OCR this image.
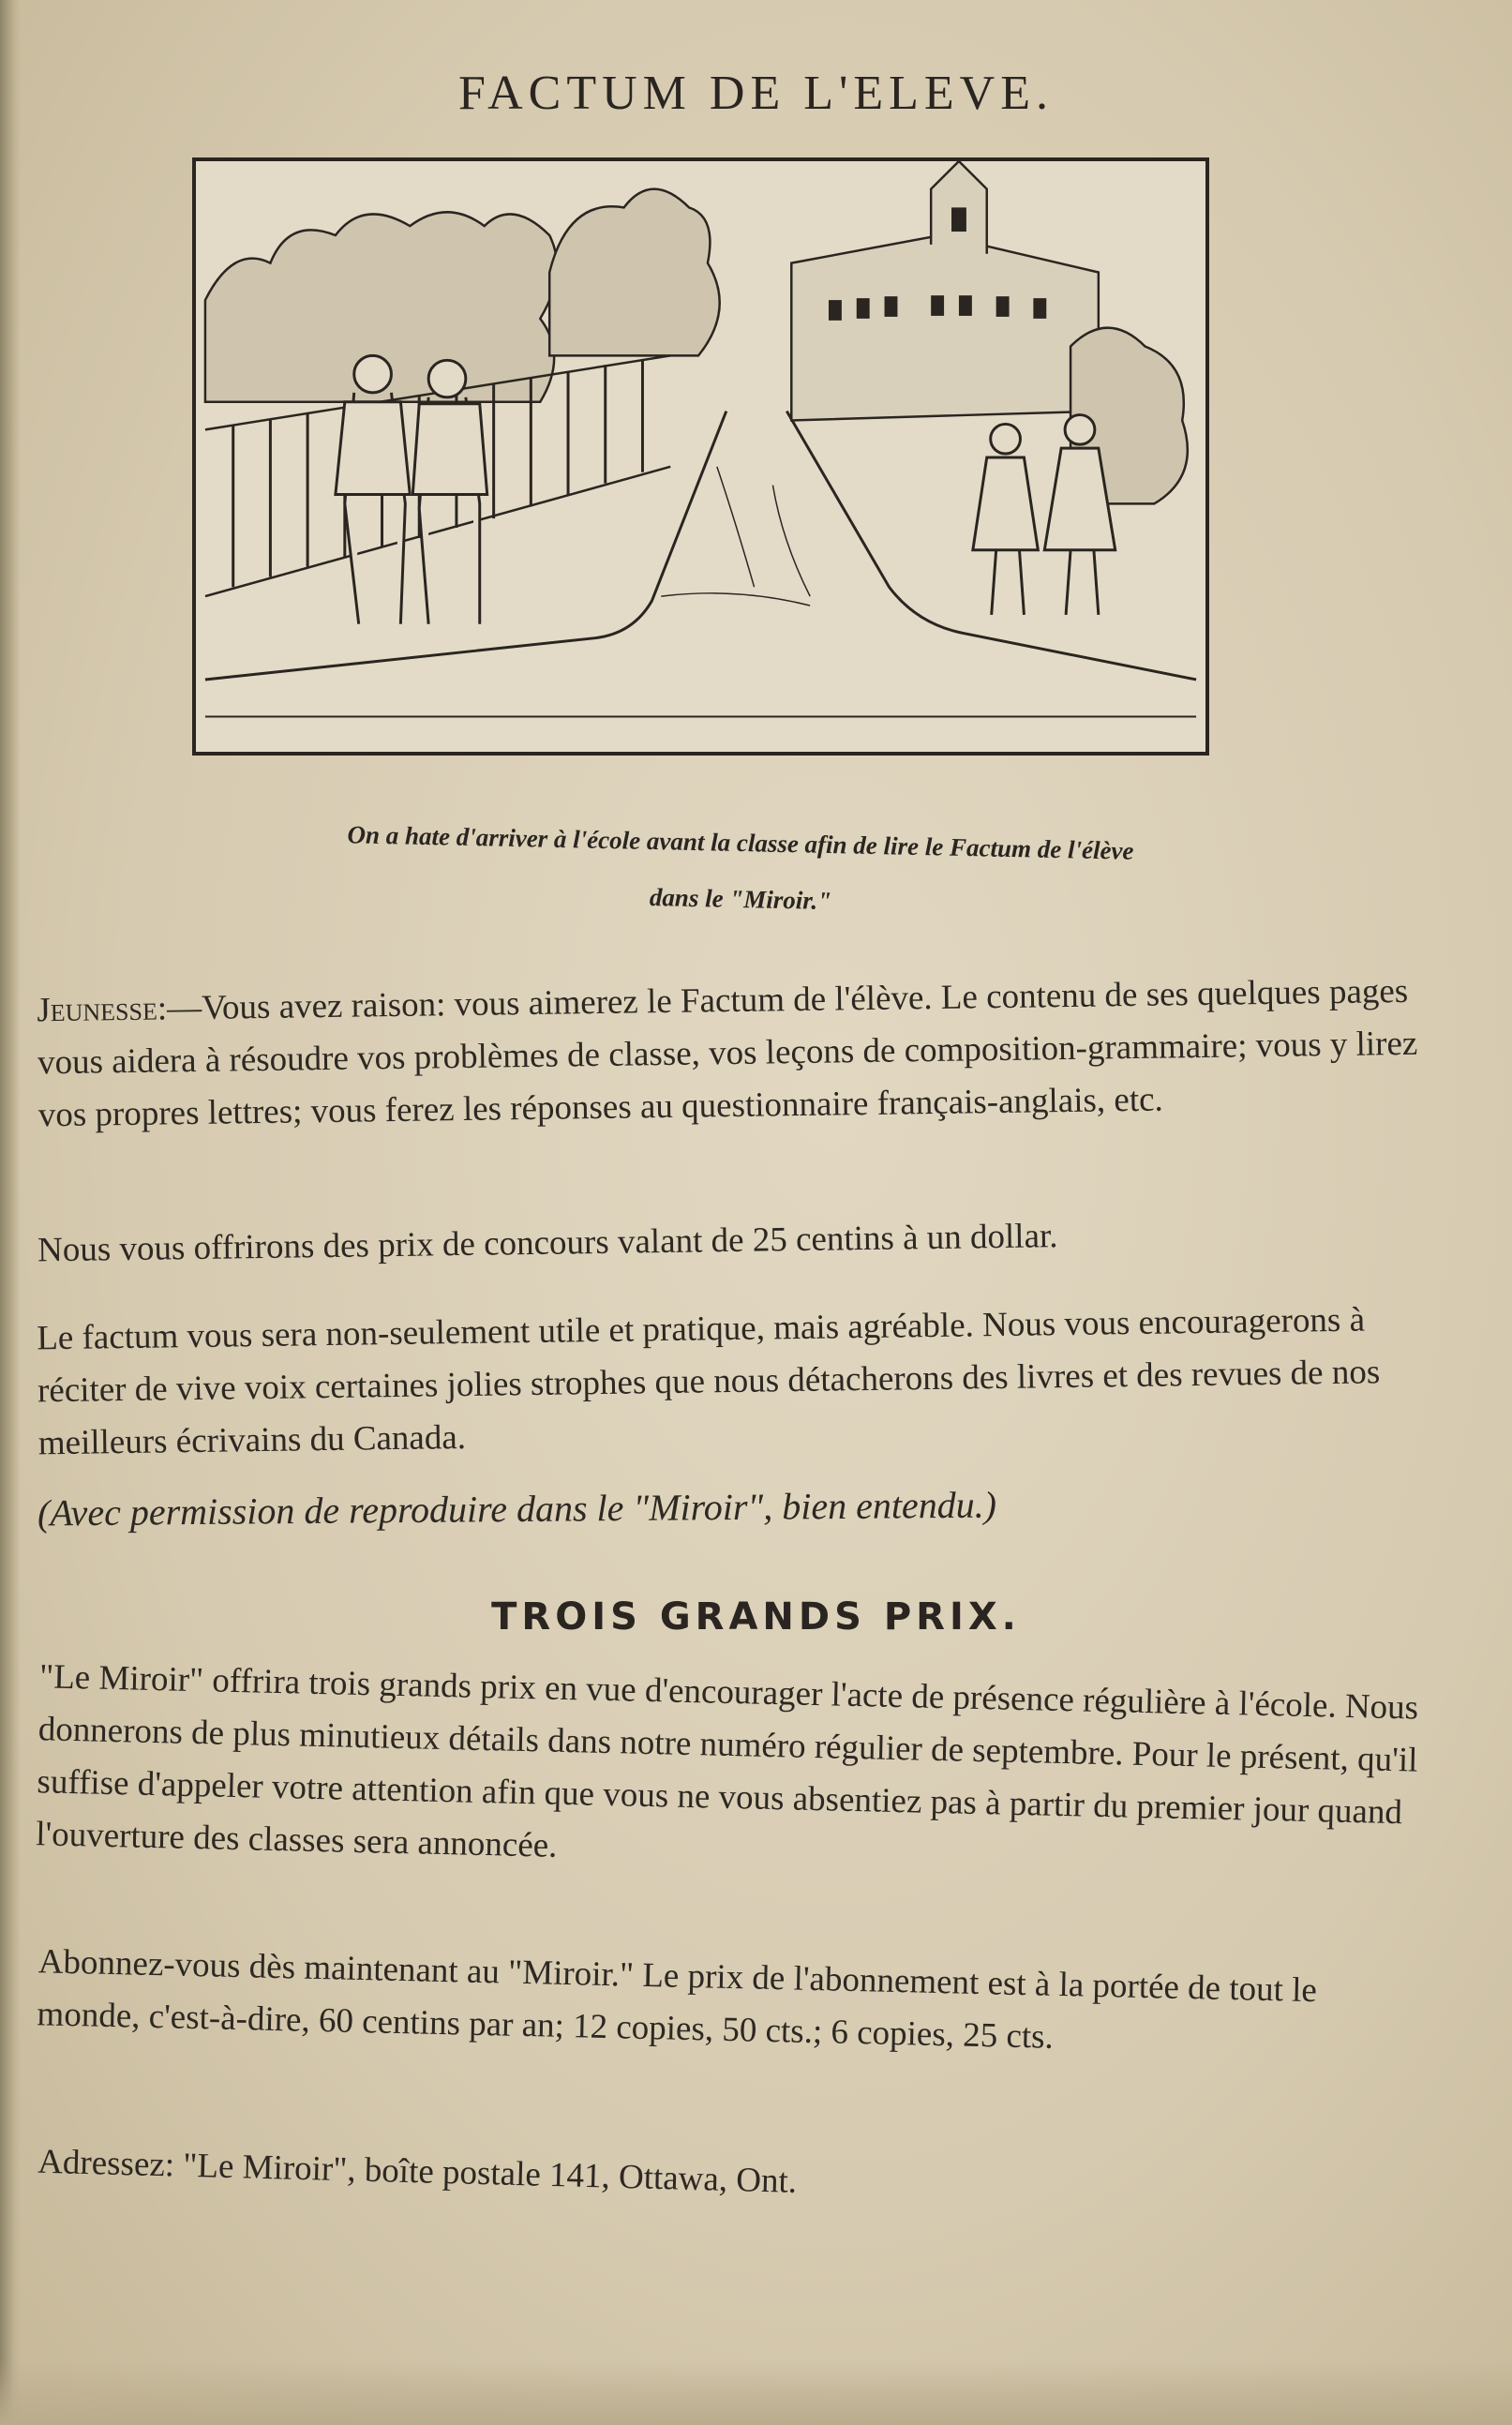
FACTUM DE L'ELEVE.
On a hate d'arriver à l'école avant la classe afin de lire le Factum de l'élève
dans le "Miroir."
Jeunesse:—Vous avez raison: vous aimerez le Factum de l'élève. Le contenu de ses quelques pages vous aidera à résoudre vos problèmes de classe, vos leçons de composition-grammaire; vous y lirez vos propres lettres; vous ferez les réponses au questionnaire français-anglais, etc.
Nous vous offrirons des prix de concours valant de 25 centins à un dollar.
Le factum vous sera non-seulement utile et pratique, mais agréable. Nous vous encouragerons à réciter de vive voix certaines jolies strophes que nous détacherons des livres et des revues de nos meilleurs écrivains du Canada.
(Avec permission de reproduire dans le "Miroir", bien entendu.)
TROIS GRANDS PRIX.
"Le Miroir" offrira trois grands prix en vue d'encourager l'acte de présence régulière à l'école. Nous donnerons de plus minutieux détails dans notre numéro régulier de septembre. Pour le présent, qu'il suffise d'appeler votre attention afin que vous ne vous absentiez pas à partir du premier jour quand l'ouverture des classes sera annoncée.
Abonnez-vous dès maintenant au "Miroir." Le prix de l'abonnement est à la portée de tout le monde, c'est-à-dire, 60 centins par an; 12 copies, 50 cts.; 6 copies, 25 cts.
Adressez: "Le Miroir", boîte postale 141, Ottawa, Ont.
